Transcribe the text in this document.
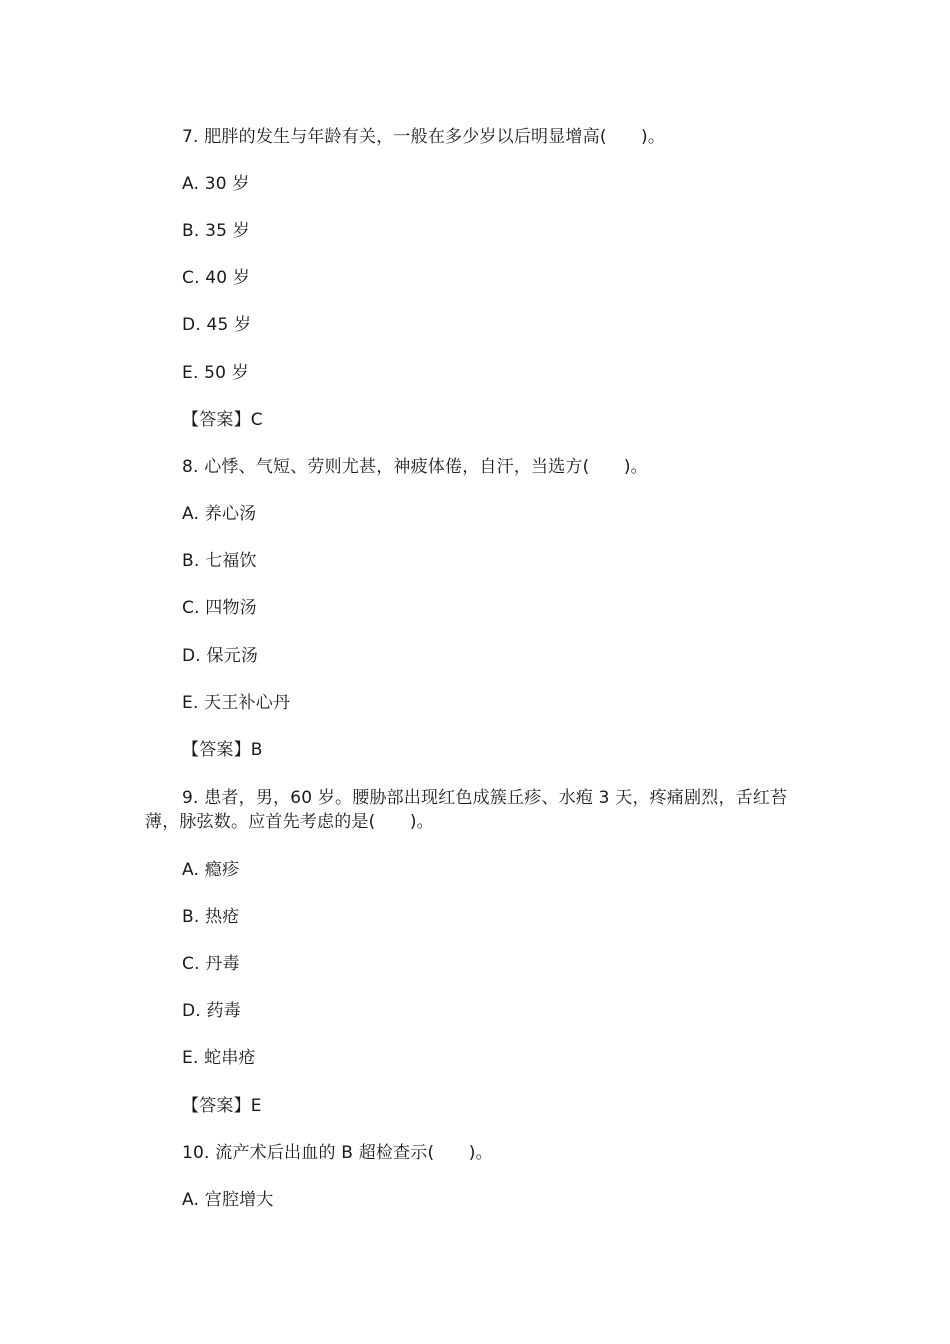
7. 肥胖的发生与年龄有关，一般在多少岁以后明显增高(　　)。
A. 30 岁
B. 35 岁
C. 40 岁
D. 45 岁
E. 50 岁
【答案】C
8. 心悸、气短、劳则尤甚，神疲体倦，自汗，当选方(　　)。
A. 养心汤
B. 七福饮
C. 四物汤
D. 保元汤
E. 天王补心丹
【答案】B
9. 患者，男，60 岁。腰胁部出现红色成簇丘疹、水疱 3 天，疼痛剧烈，舌红苔薄，脉弦数。应首先考虑的是(　　)。
A. 瘾疹
B. 热疮
C. 丹毒
D. 药毒
E. 蛇串疮
【答案】E
10. 流产术后出血的 B 超检查示(　　)。
A. 宫腔增大
